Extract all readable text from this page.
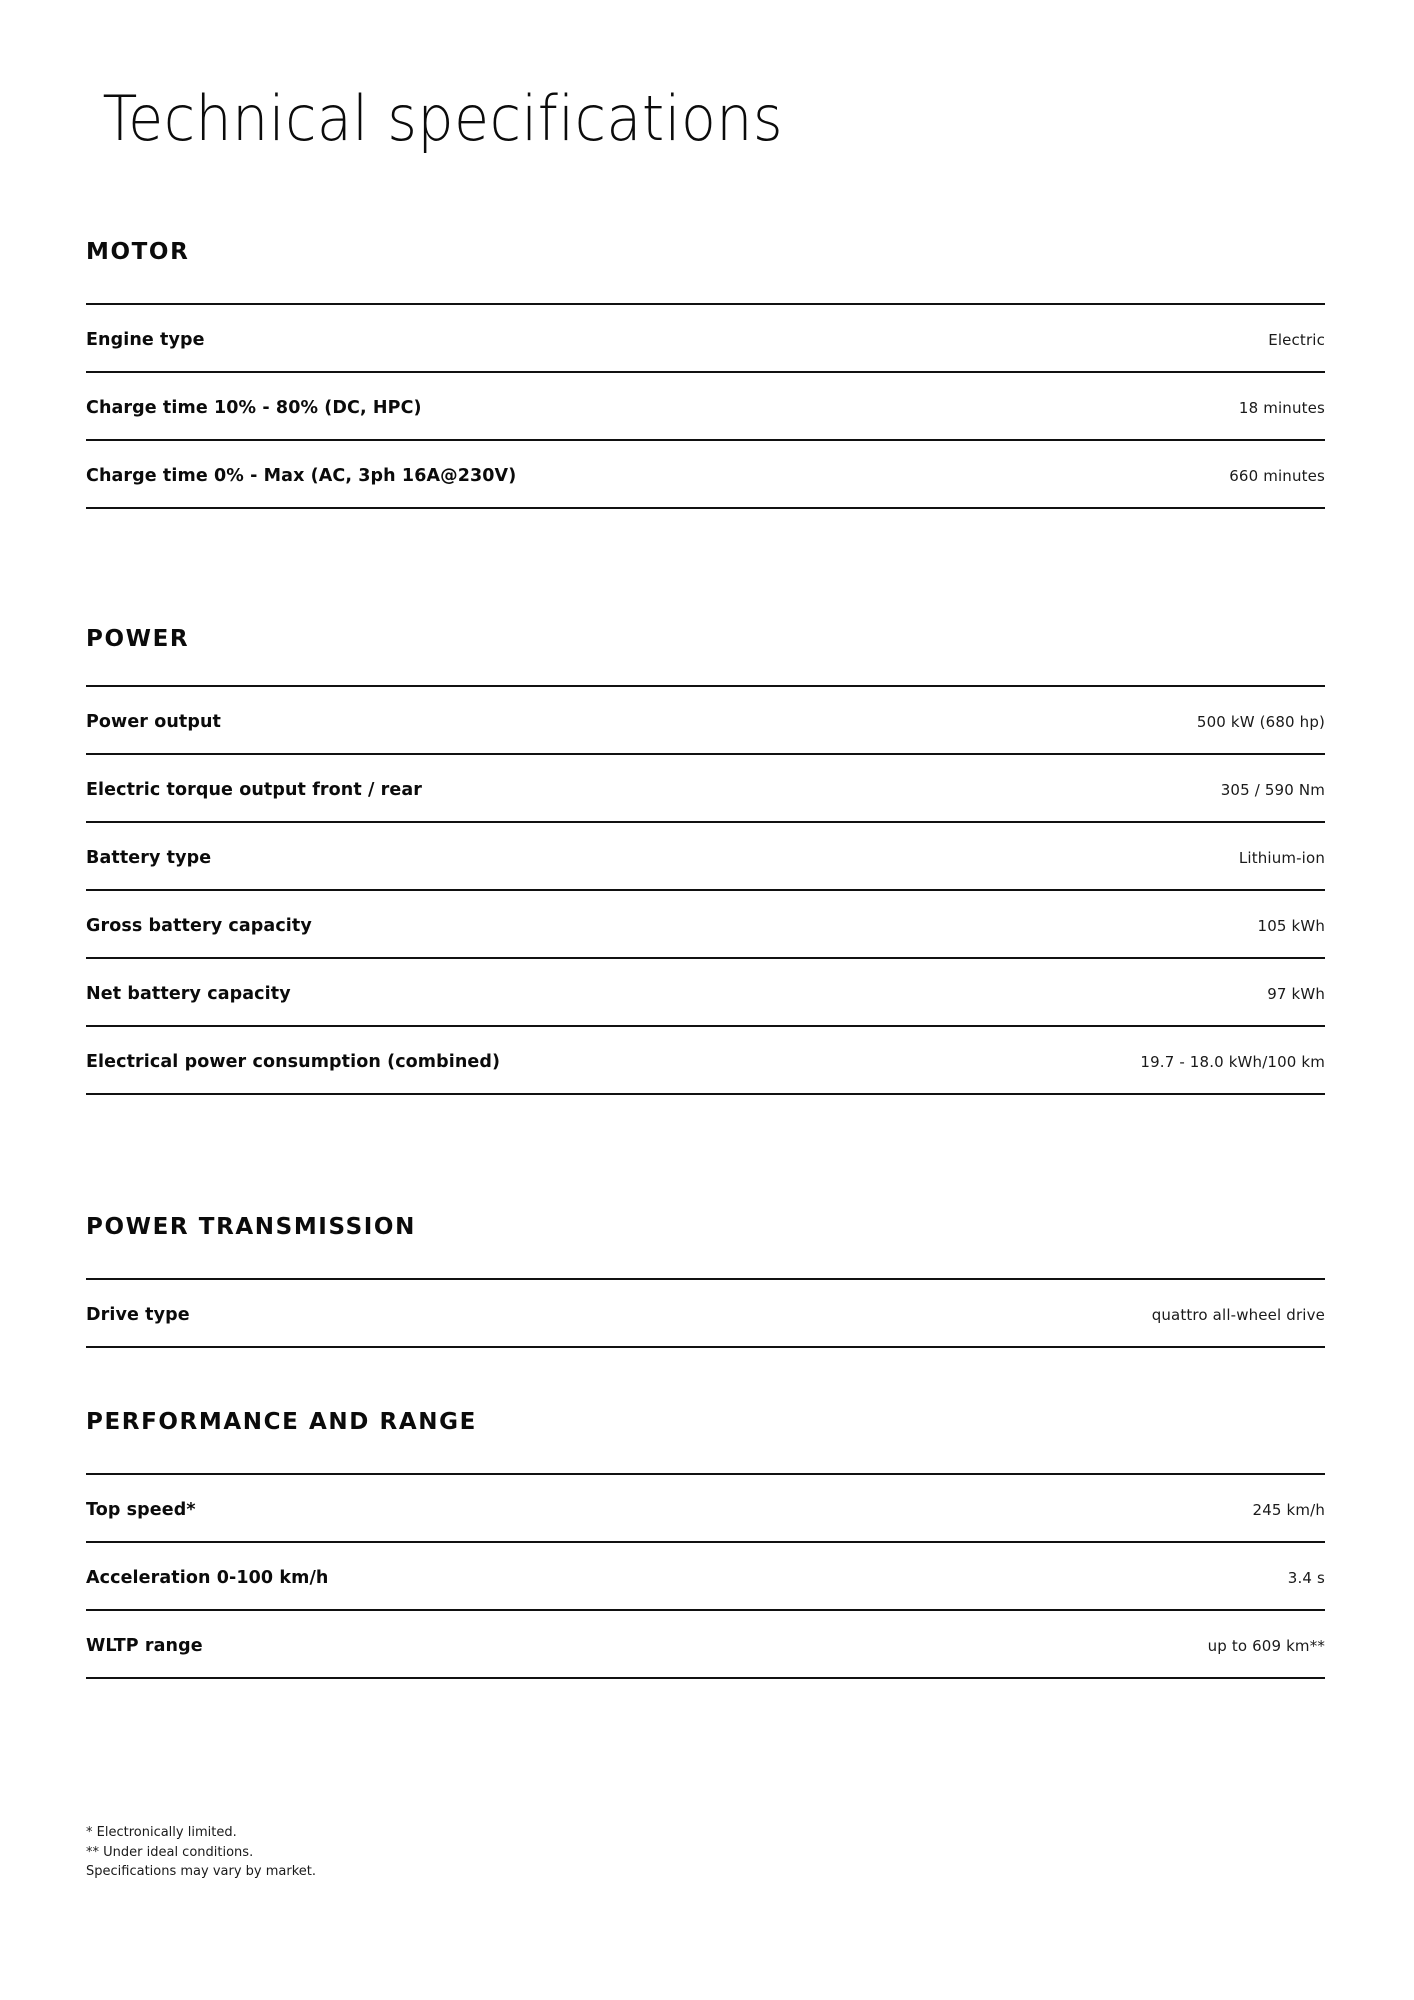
Technical specifications
MOTOR
Engine type	Electric
Charge time 10% - 80% (DC, HPC)	18 minutes
Charge time 0% - Max (AC, 3ph 16A@230V)	660 minutes
POWER
Power output	500 kW (680 hp)
Electric torque output front / rear	305 / 590 Nm
Battery type	Lithium-ion
Gross battery capacity	105 kWh
Net battery capacity	97 kWh
Electrical power consumption (combined)	19.7 - 18.0 kWh/100 km
POWER TRANSMISSION
Drive type	quattro all-wheel drive
PERFORMANCE AND RANGE
Top speed*	245 km/h
Acceleration 0-100 km/h	3.4 s
WLTP range	up to 609 km**
* Electronically limited.
** Under ideal conditions.
Specifications may vary by market.
